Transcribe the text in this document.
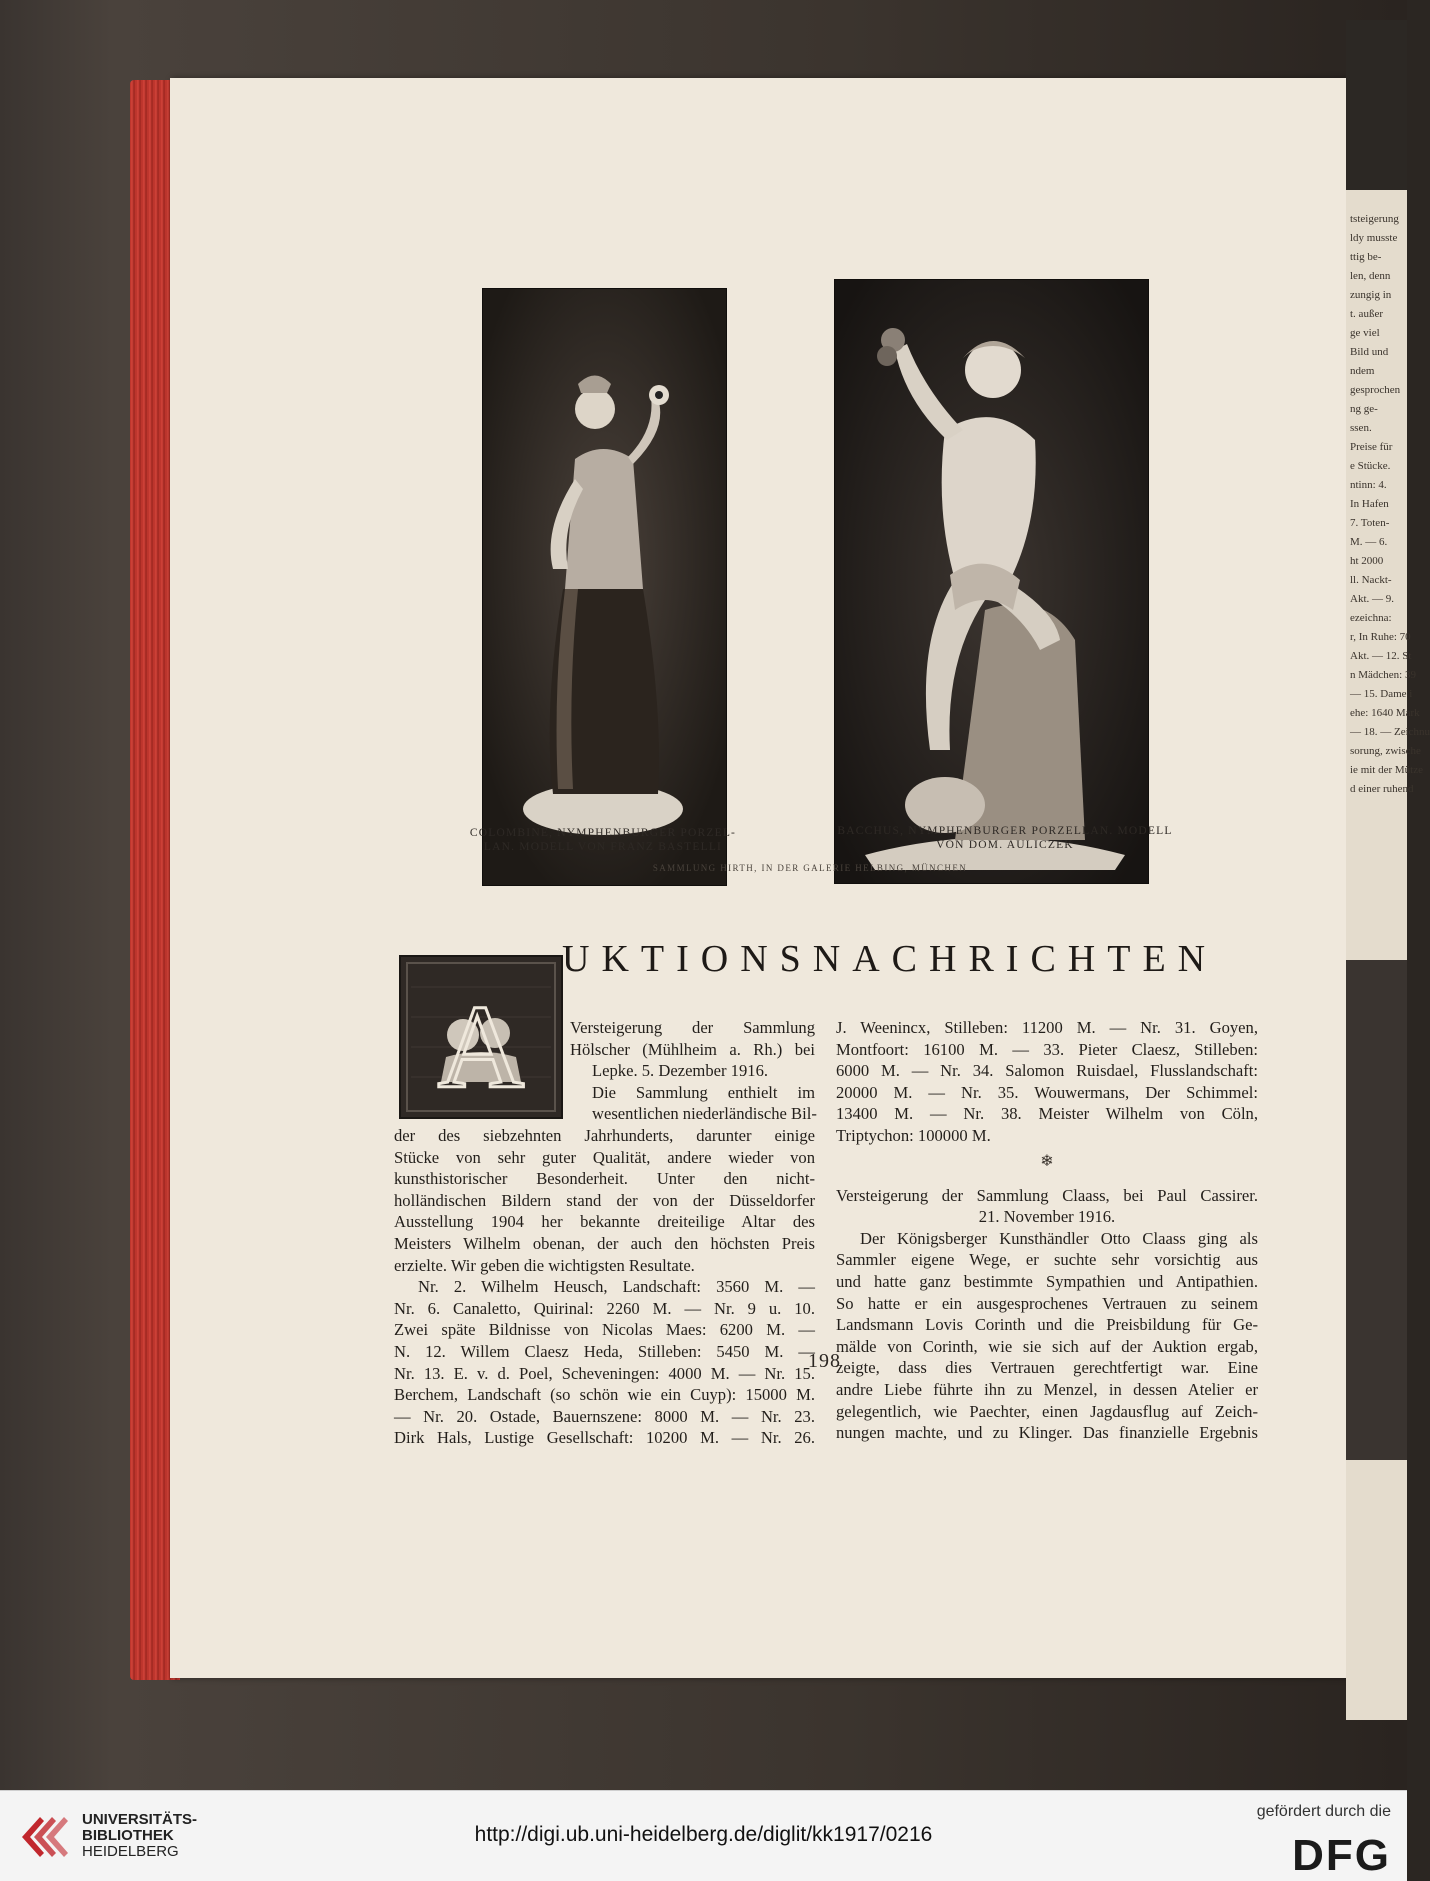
COLOMBINE, NYMPHENBURGER PORZEL-
LAN. MODELL VON FRANZ BASTELLI
BACCHUS, NYMPHENBURGER PORZELLAN. MODELL
VON DOM. AULICZEK
SAMMLUNG HIRTH, IN DER GALERIE HELBING, MÜNCHEN
198
A
UKTIONSNACHRICHTEN
Versteigerung der Sammlung
Hölscher (Mühlheim a. Rh.) bei
Lepke. 5. Dezember 1916.
Die Sammlung enthielt im
wesentlichen niederländische Bil-
der des siebzehnten Jahrhunderts, darunter einige
Stücke von sehr guter Qualität, andere wieder von
kunsthistorischer Besonderheit. Unter den nicht-
holländischen Bildern stand der von der Düsseldorfer
Ausstellung 1904 her bekannte dreiteilige Altar des
Meisters Wilhelm obenan, der auch den höchsten Preis
erzielte. Wir geben die wichtigsten Resultate.
Nr. 2. Wilhelm Heusch, Landschaft: 3560 M. —
Nr. 6. Canaletto, Quirinal: 2260 M. — Nr. 9 u. 10.
Zwei späte Bildnisse von Nicolas Maes: 6200 M. —
N. 12. Willem Claesz Heda, Stilleben: 5450 M. —
Nr. 13. E. v. d. Poel, Scheveningen: 4000 M. — Nr. 15.
Berchem, Landschaft (so schön wie ein Cuyp): 15000 M.
— Nr. 20. Ostade, Bauernszene: 8000 M. — Nr. 23.
Dirk Hals, Lustige Gesellschaft: 10200 M. — Nr. 26.
J. Weenincx, Stilleben: 11200 M. — Nr. 31. Goyen,
Montfoort: 16100 M. — 33. Pieter Claesz, Stilleben:
6000 M. — Nr. 34. Salomon Ruisdael, Flusslandschaft:
20000 M. — Nr. 35. Wouwermans, Der Schimmel:
13400 M. — Nr. 38. Meister Wilhelm von Cöln,
Triptychon: 100000 M.
❄
Versteigerung der Sammlung Claass, bei Paul Cassirer.
21. November 1916.
Der Königsberger Kunsthändler Otto Claass ging als
Sammler eigene Wege, er suchte sehr vorsichtig aus
und hatte ganz bestimmte Sympathien und Antipathien.
So hatte er ein ausgesprochenes Vertrauen zu seinem
Landsmann Lovis Corinth und die Preisbildung für Ge-
mälde von Corinth, wie sie sich auf der Auktion ergab,
zeigte, dass dies Vertrauen gerechtfertigt war. Eine
andre Liebe führte ihn zu Menzel, in dessen Atelier er
gelegentlich, wie Paechter, einen Jagdausflug auf Zeich-
nungen machte, und zu Klinger. Das finanzielle Ergebnis
tsteigerung
ldy musste
ttig be-
len, denn
zungig in
t. außer
ge viel
Bild und
ndem
gesprochen
ng ge-
ssen.
Preise für
e Stücke.
ntinn: 4.
In Hafen
7. Toten-
M. — 6.
ht 2000
ll. Nackt-
Akt. — 9.
ezeichna:
r, In Ruhe: 70
Akt. — 12. St
n Mädchen: 39
— 15. Dame i
ehe: 1640 Mark
— 18. — Zeichnu
sorung, zwische
ie mit der Mütze
d einer ruhend
UNIVERSITÄTS-
BIBLIOTHEK
HEIDELBERG
http://digi.ub.uni-heidelberg.de/diglit/kk1917/0216
gefördert durch die
DFG
